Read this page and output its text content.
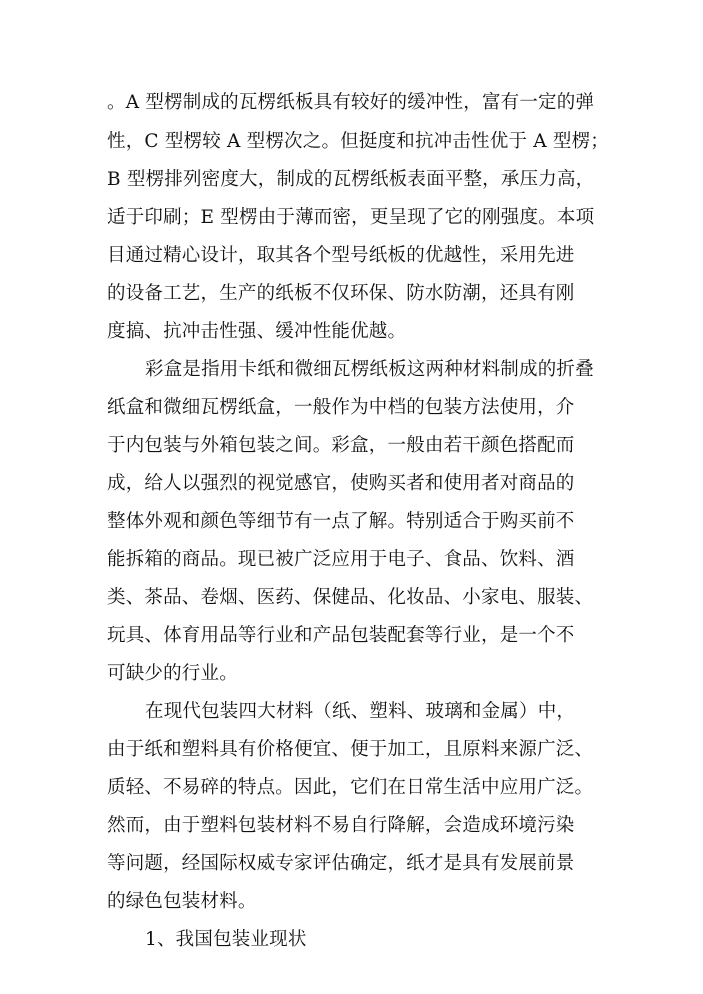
。A 型楞制成的瓦楞纸板具有较好的缓冲性，富有一定的弹
性，C 型楞较 A 型楞次之。但挺度和抗冲击性优于 A 型楞；
B 型楞排列密度大，制成的瓦楞纸板表面平整，承压力高，
适于印刷；E 型楞由于薄而密，更呈现了它的刚强度。本项
目通过精心设计，取其各个型号纸板的优越性，采用先进
的设备工艺，生产的纸板不仅环保、防水防潮，还具有刚
度搞、抗冲击性强、缓冲性能优越。
彩盒是指用卡纸和微细瓦楞纸板这两种材料制成的折叠
纸盒和微细瓦楞纸盒，一般作为中档的包装方法使用，介
于内包装与外箱包装之间。彩盒，一般由若干颜色搭配而
成，给人以强烈的视觉感官，使购买者和使用者对商品的
整体外观和颜色等细节有一点了解。特别适合于购买前不
能拆箱的商品。现已被广泛应用于电子、食品、饮料、酒
类、茶品、卷烟、医药、保健品、化妆品、小家电、服装、
玩具、体育用品等行业和产品包装配套等行业，是一个不
可缺少的行业。
在现代包装四大材料（纸、塑料、玻璃和金属）中，
由于纸和塑料具有价格便宜、便于加工，且原料来源广泛、
质轻、不易碎的特点。因此，它们在日常生活中应用广泛。
然而，由于塑料包装材料不易自行降解，会造成环境污染
等问题，经国际权威专家评估确定，纸才是具有发展前景
的绿色包装材料。
1、我国包装业现状
